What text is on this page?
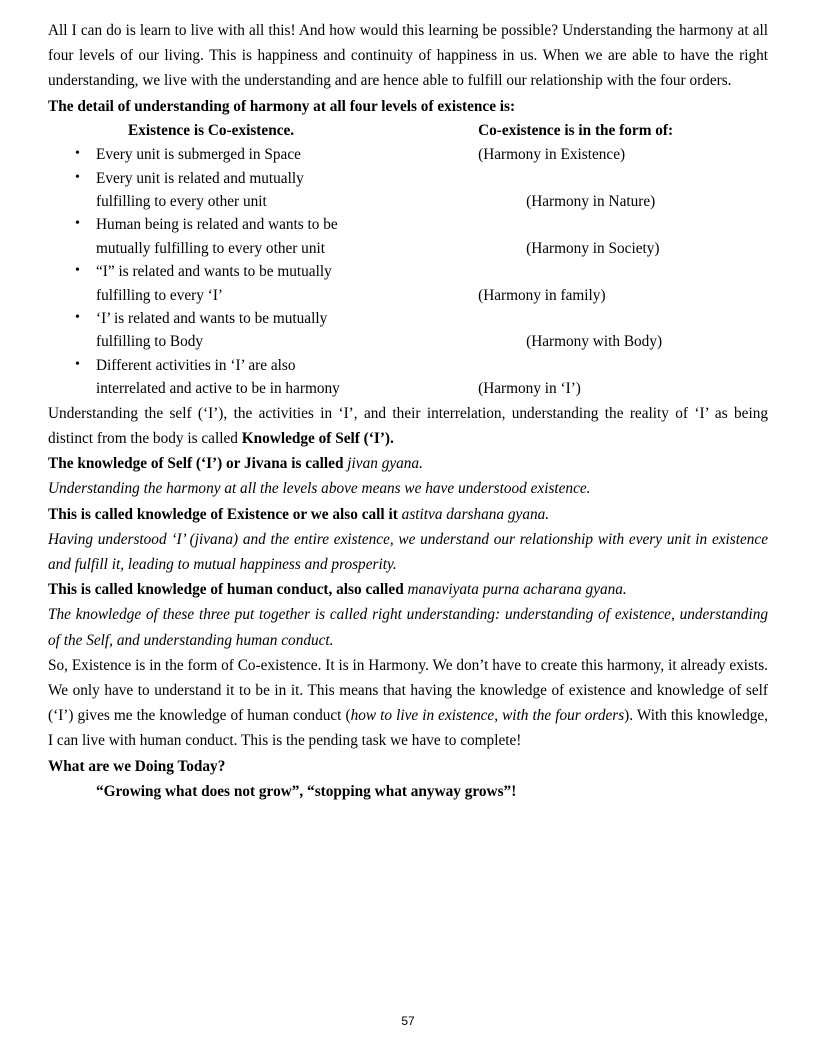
All I can do is learn to live with all this! And how would this learning be possible? Understanding the harmony at all four levels of our living. This is happiness and continuity of happiness in us. When we are able to have the right understanding, we live with the understanding and are hence able to fulfill our relationship with the four orders.

The detail of understanding of harmony at all four levels of existence is:
Existence is Co-existence.	Co-existence is in the form of:

• Every unit is submerged in Space	(Harmony in Existence)

• Every unit is related and mutually
fulfilling to every other unit	(Harmony in Nature)

• Human being is related and wants to be
mutually fulfilling to every other unit	(Harmony in Society)

• “I” is related and wants to be mutually
fulfilling to every ‘I’	(Harmony in family)

• ‘I’ is related and wants to be mutually
fulfilling to Body	(Harmony with Body)

• Different activities in ‘I’ are also
interrelated and active to be in harmony	(Harmony in ‘I’)

Understanding the self (‘I’), the activities in ‘I’, and their interrelation, understanding the reality of ‘I’ as being distinct from the body is called Knowledge of Self (‘I’).

The knowledge of Self (‘I’) or Jivana is called jivan gyana.

Understanding the harmony at all the levels above means we have understood existence.

This is called knowledge of Existence or we also call it astitva darshana gyana.

Having understood ‘I’ (jivana) and the entire existence, we understand our relationship with every unit in existence and fulfill it, leading to mutual happiness and prosperity.

This is called knowledge of human conduct, also called manaviyata purna acharana gyana.

The knowledge of these three put together is called right understanding: understanding of existence, understanding of the Self, and understanding human conduct.

So, Existence is in the form of Co-existence. It is in Harmony. We don’t have to create this harmony, it already exists. We only have to understand it to be in it. This means that having the knowledge of existence and knowledge of self (‘I’) gives me the knowledge of human conduct (how to live in existence, with the four orders). With this knowledge, I can live with human conduct. This is the pending task we have to complete!

What are we Doing Today?
“Growing what does not grow”, “stopping what anyway grows”!
57
